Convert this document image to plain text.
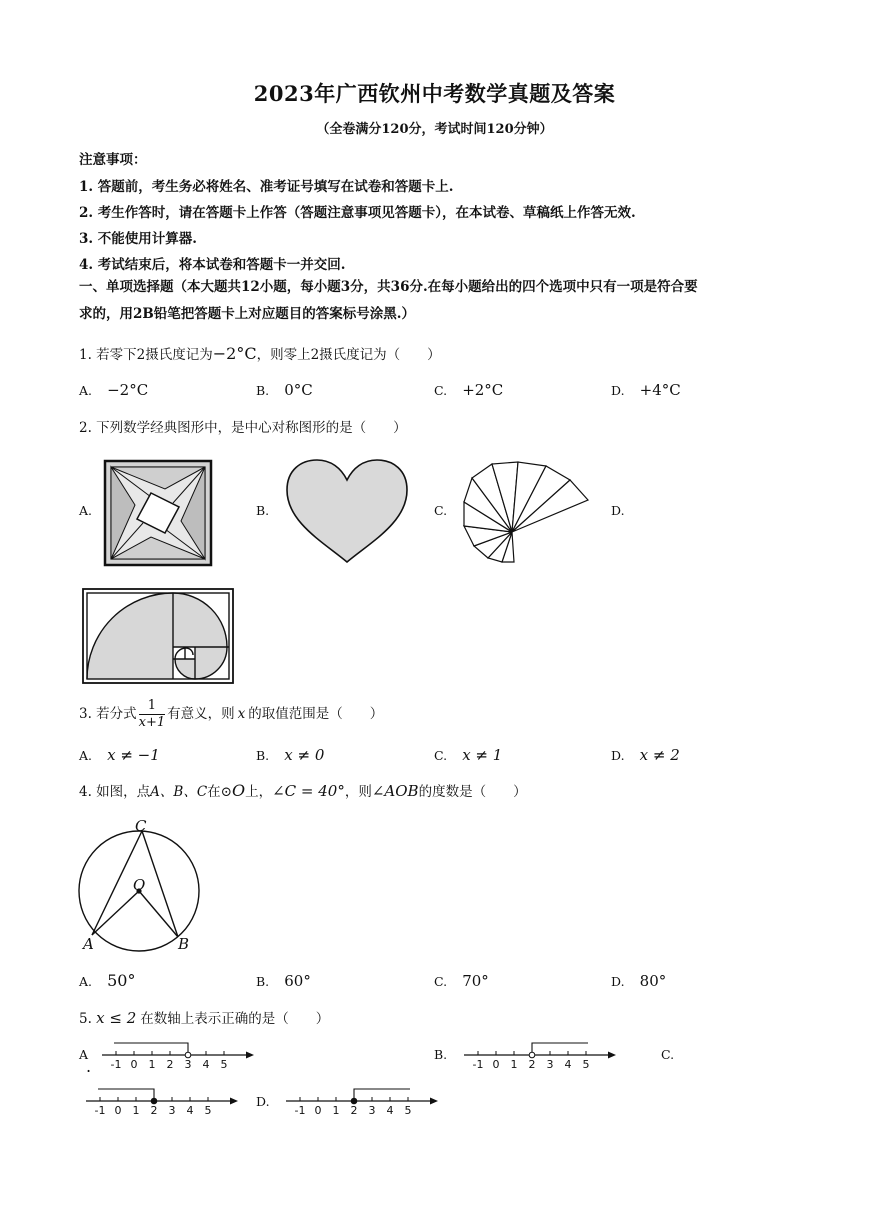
2023年广西钦州中考数学真题及答案
（全卷满分120分，考试时间120分钟）
注意事项：
1. 答题前，考生务必将姓名、准考证号填写在试卷和答题卡上.
2. 考生作答时，请在答题卡上作答（答题注意事项见答题卡），在本试卷、草稿纸上作答无效.
3. 不能使用计算器.
4. 考试结束后，将本试卷和答题卡一并交回.
一、单项选择题（本大题共12小题，每小题3分，共36分.在每小题给出的四个选项中只有一项是符合要
求的，用2B铅笔把答题卡上对应题目的答案标号涂黑.）
1. 若零下2摄氏度记为−2°C，则零上2摄氏度记为（　　）
A. −2°C	B. 0°C	C. +2°C	D. +4°C
2. 下列数学经典图形中，是中心对称图形的是（　　）
A.	B.	C.	D.
3. 若分式 $\frac{1}{x+1}$ 有意义，则 x 的取值范围是（　　）
A. x ≠ −1	B. x ≠ 0	C. x ≠ 1	D. x ≠ 2
4. 如图，点A、B、C在⊙O上，∠C = 40°，则∠AOB的度数是（　　）
C
O
A	B
A. 50°	B. 60°	C. 70°	D. 80°
5. x ≤ 2 在数轴上表示正确的是（　　）
A
.
B.	C.
D.
-1 0 1 2 3 4 5	-1 0 1 2 3 4 5
-1 0 1 2 3 4 5	-1 0 1 2 3 4 5
